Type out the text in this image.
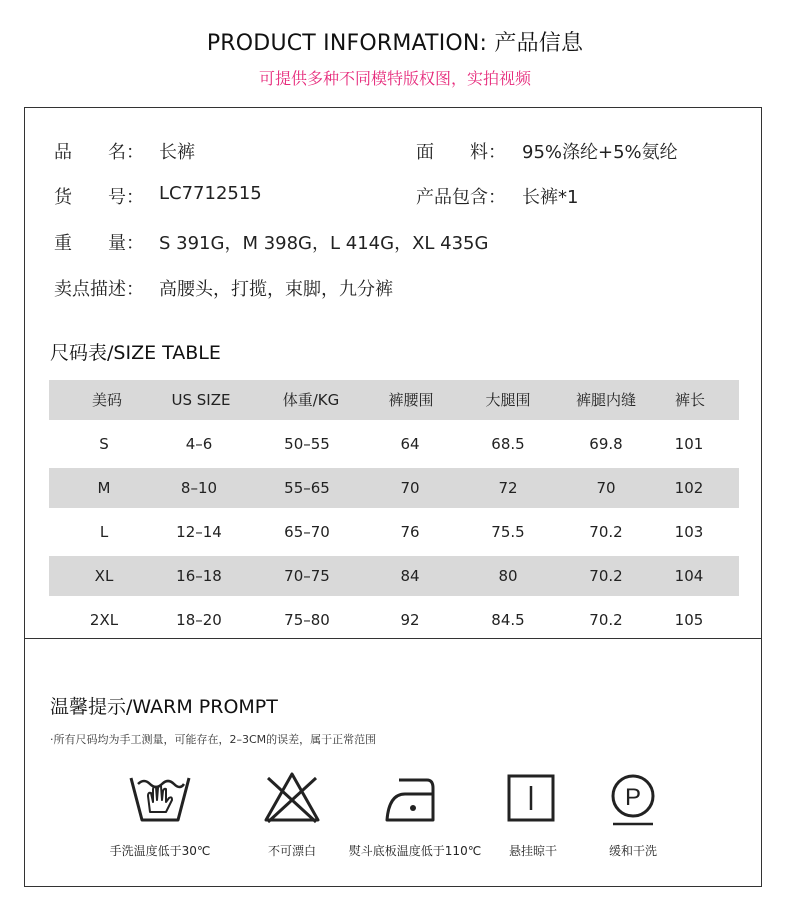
PRODUCT INFORMATION: 产品信息
可提供多种不同模特版权图，实拍视频
品　　名： 长裤	面　　料： 95%涤纶+5%氨纶
货　　号： LC7712515	产品包含： 长裤*1
重　　量： S 391G，M 398G，L 414G，XL 435G
卖点描述： 高腰头，打揽，束脚，九分裤
尺码表/SIZE TABLE
美码	US SIZE	体重/KG	裤腰围	大腿围	裤腿内缝	裤长
S	4–6	50–55	64	68.5	69.8	101
M	8–10	55–65	70	72	70	102
L	12–14	65–70	76	75.5	70.2	103
XL	16–18	70–75	84	80	70.2	104
2XL	18–20	75–80	92	84.5	70.2	105
温馨提示/WARM PROMPT
·所有尺码均为手工测量，可能存在，2–3CM的误差，属于正常范围
手洗温度低于30℃	不可漂白	熨斗底板温度低于110℃	悬挂晾干
P
缓和干洗
